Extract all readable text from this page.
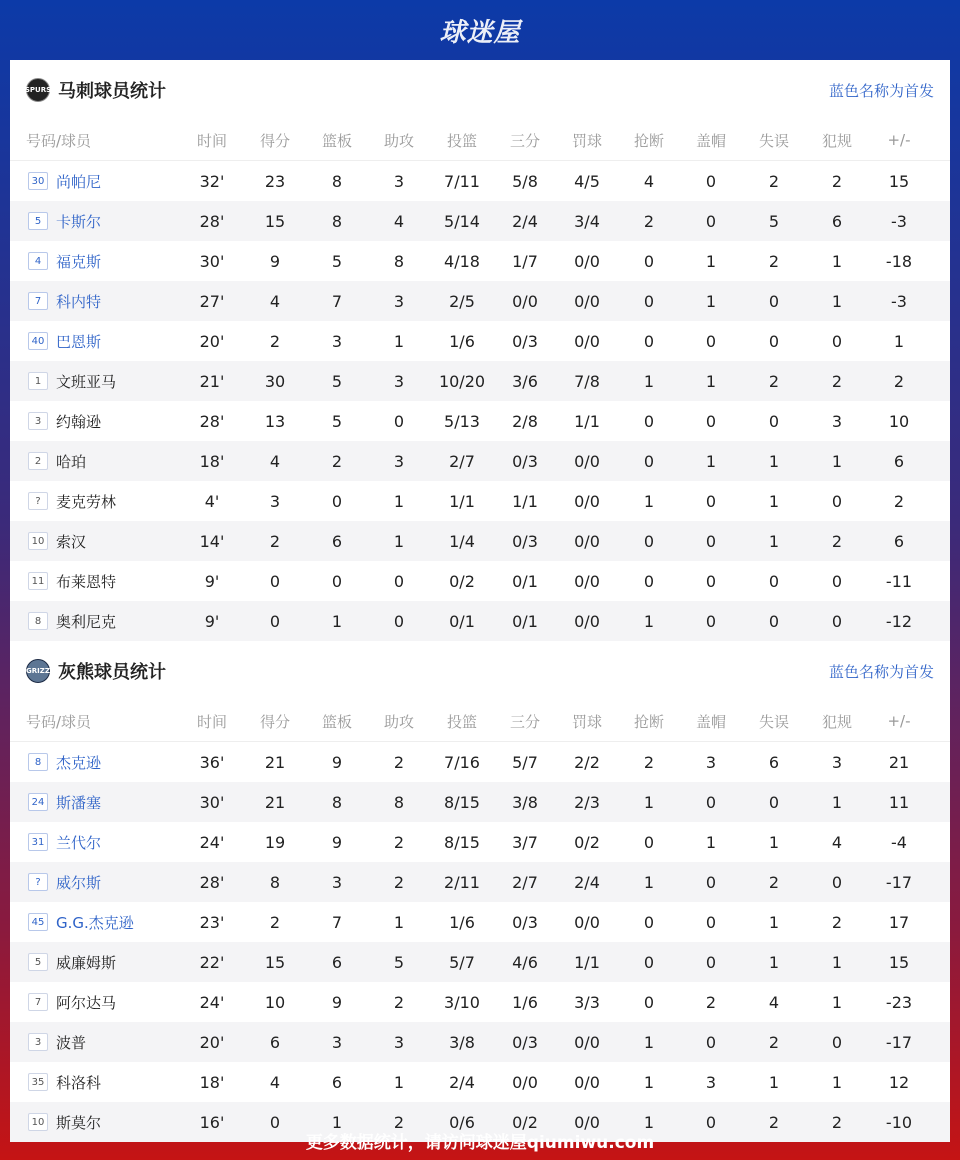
球迷屋
SPURS 马刺球员统计	蓝色名称为首发
号码/球员	时间	得分	篮板	助攻	投篮	三分	罚球	抢断	盖帽	失误	犯规	+/-
30 尚帕尼	32'	23	8	3	7/11	5/8	4/5	4	0	2	2	15
5 卡斯尔	28'	15	8	4	5/14	2/4	3/4	2	0	5	6	-3
4 福克斯	30'	9	5	8	4/18	1/7	0/0	0	1	2	1	-18
7 科内特	27'	4	7	3	2/5	0/0	0/0	0	1	0	1	-3
40 巴恩斯	20'	2	3	1	1/6	0/3	0/0	0	0	0	0	1
1 文班亚马	21'	30	5	3	10/20	3/6	7/8	1	1	2	2	2
3 约翰逊	28'	13	5	0	5/13	2/8	1/1	0	0	0	3	10
2 哈珀	18'	4	2	3	2/7	0/3	0/0	0	1	1	1	6
?	麦克劳林	4'	3	0	1	1/1	1/1	0/0	1	0	1	0	2
10 索汉	14'	2	6	1	1/4	0/3	0/0	0	0	1	2	6
11 布莱恩特	9'	0	0	0	0/2	0/1	0/0	0	0	0	0	-11
8 奥利尼克	9'	0	1	0	0/1	0/1	0/0	1	0	0	0	-12
GRIZZ 灰熊球员统计	蓝色名称为首发
号码/球员	时间	得分	篮板	助攻	投篮	三分	罚球	抢断	盖帽	失误	犯规	+/-
8 杰克逊	36'	21	9	2	7/16	5/7	2/2	2	3	6	3	21
24 斯潘塞	30'	21	8	8	8/15	3/8	2/3	1	0	0	1	11
31 兰代尔	24'	19	9	2	8/15	3/7	0/2	0	1	1	4	-4
?	威尔斯	28'	8	3	2	2/11	2/7	2/4	1	0	2	0	-17
45 G.G.杰克逊	23'	2	7	1	1/6	0/3	0/0	0	0	1	2	17
5 威廉姆斯	22'	15	6	5	5/7	4/6	1/1	0	0	1	1	15
7 阿尔达马	24'	10	9	2	3/10	1/6	3/3	0	2	4	1	-23
3 波普	20'	6	3	3	3/8	0/3	0/0	1	0	2	0	-17
35 科洛科	18'	4	6	1	2/4	0/0	0/0	1	3	1	1	12
10 斯莫尔	16'	0	1	2	0/6	0/2	0/0	1	0	2	2	-10
更多数据统计，请访问球迷屋qiumiwu.com
